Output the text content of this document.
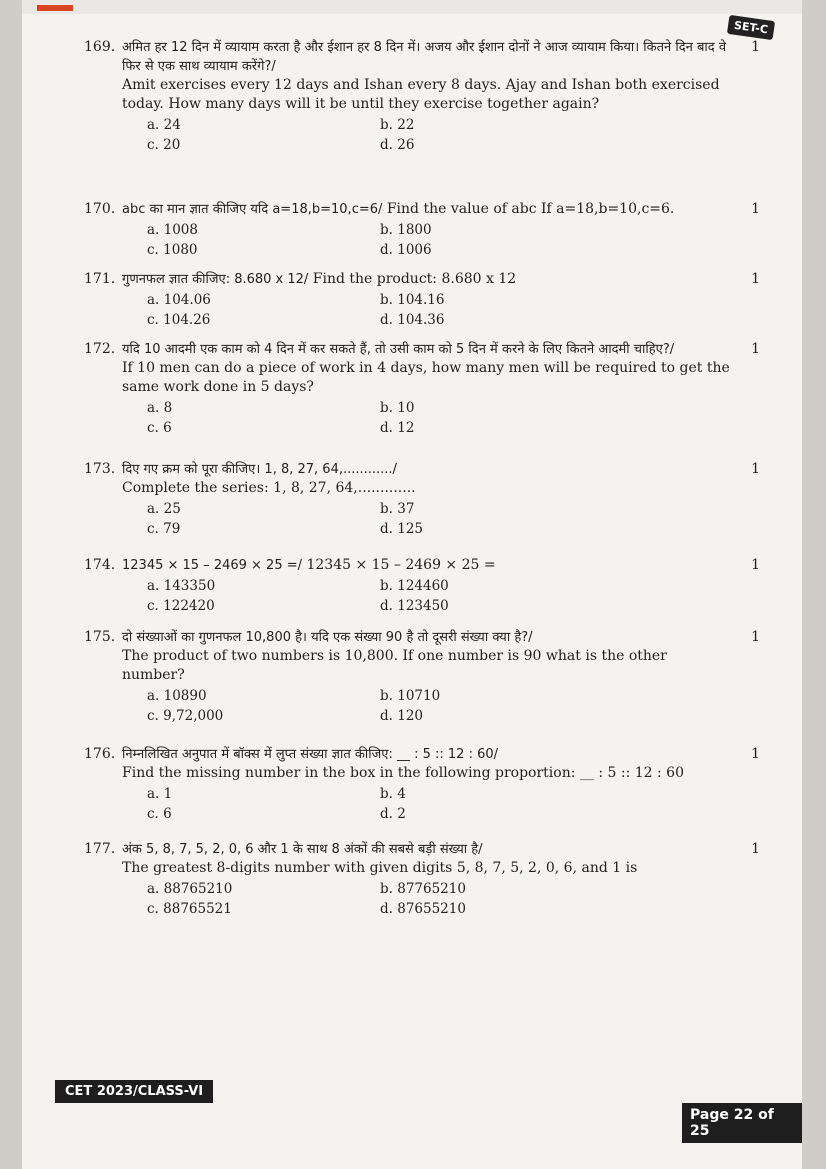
SET-C
169.	1
अमित हर 12 दिन में व्यायाम करता है और ईशान हर 8 दिन में। अजय और ईशान दोनों ने आज व्यायाम किया। कितने दिन बाद वे फिर से एक साथ व्यायाम करेंगे?/
Amit exercises every 12 days and Ishan every 8 days. Ajay and Ishan both exercised today. How many days will it be until they exercise together again?
a. 24	b. 22
c. 20	d. 26
170.	1
abc का मान ज्ञात कीजिए यदि a=18,b=10,c=6/ Find the value of abc If a=18,b=10,c=6.
a. 1008	b. 1800
c. 1080	d. 1006
171.	1
गुणनफल ज्ञात कीजिए: 8.680 x 12/ Find the product: 8.680 x 12
a. 104.06	b. 104.16
c. 104.26	d. 104.36
172.	1
यदि 10 आदमी एक काम को 4 दिन में कर सकते हैं, तो उसी काम को 5 दिन में करने के लिए कितने आदमी चाहिए?/
If 10 men can do a piece of work in 4 days, how many men will be required to get the same work done in 5 days?
a. 8	b. 10
c. 6	d. 12
173.	1
दिए गए क्रम को पूरा कीजिए। 1, 8, 27, 64,............/
Complete the series: 1, 8, 27, 64,.............
a. 25	b. 37
c. 79	d. 125
174.	1
12345 × 15 – 2469 × 25 =/ 12345 × 15 – 2469 × 25 =
a. 143350	b. 124460
c. 122420	d. 123450
175.	1
दो संख्याओं का गुणनफल 10,800 है। यदि एक संख्या 90 है तो दूसरी संख्या क्या है?/
The product of two numbers is 10,800. If one number is 90 what is the other number?
a. 10890	b. 10710
c. 9,72,000	d. 120
176.	1
निम्नलिखित अनुपात में बॉक्स में लुप्त संख्या ज्ञात कीजिए: __ : 5 :: 12 : 60/
Find the missing number in the box in the following proportion: __ : 5 :: 12 : 60
a. 1	b. 4
c. 6	d. 2
177.	1
अंक 5, 8, 7, 5, 2, 0, 6 और 1 के साथ 8 अंकों की सबसे बड़ी संख्या है/
The greatest 8-digits number with given digits 5, 8, 7, 5, 2, 0, 6, and 1 is
a. 88765210	b. 87765210
c. 88765521	d. 87655210
CET 2023/CLASS-VI
Page 22 of 25
